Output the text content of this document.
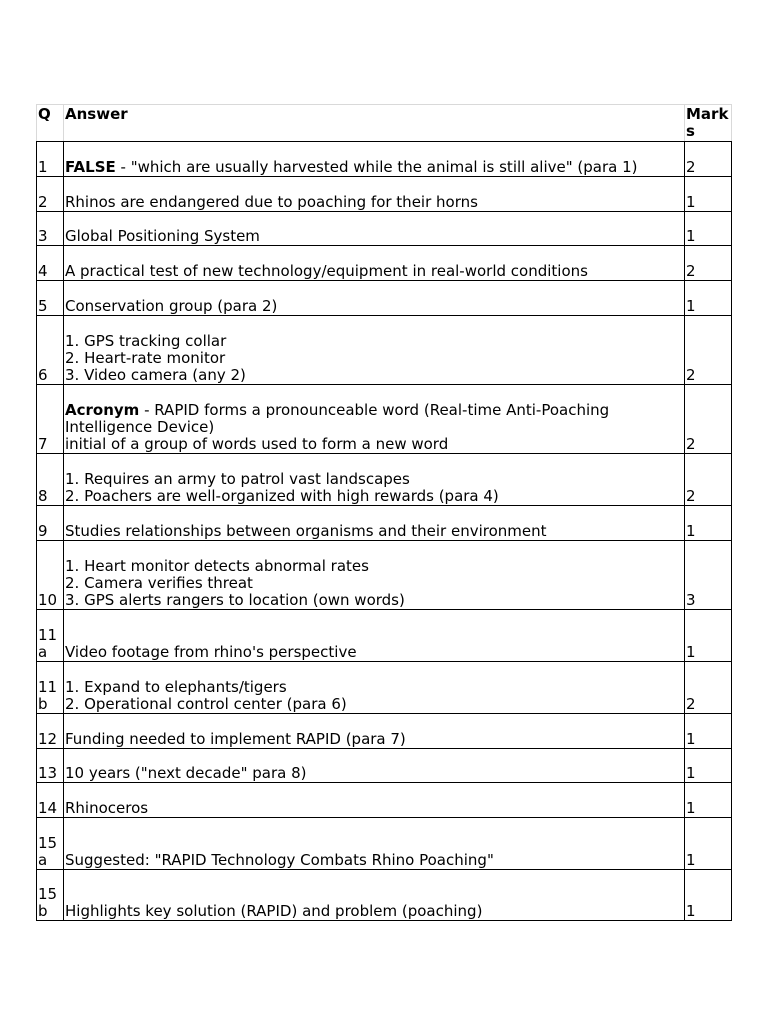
Q	Answer	Marks
1	FALSE - "which are usually harvested while the animal is still alive" (para 1)	2
2	Rhinos are endangered due to poaching for their horns	1
3	Global Positioning System	1
4	A practical test of new technology/equipment in real-world conditions	2
5	Conservation group (para 2)	1
6	1. GPS tracking collar
2. Heart-rate monitor
3. Video camera (any 2)	2
7	Acronym - RAPID forms a pronounceable word (Real-time Anti-Poaching Intelligence Device)
initial of a group of words used to form a new word	2
8	1. Requires an army to patrol vast landscapes
2. Poachers are well-organized with high rewards (para 4)	2
9	Studies relationships between organisms and their environment	1
10	1. Heart monitor detects abnormal rates
2. Camera verifies threat
3. GPS alerts rangers to location (own words)	3
11a	Video footage from rhino's perspective	1
11b	1. Expand to elephants/tigers
2. Operational control center (para 6)	2
12	Funding needed to implement RAPID (para 7)	1
13	10 years ("next decade" para 8)	1
14	Rhinoceros	1
15a	Suggested: "RAPID Technology Combats Rhino Poaching"	1
15b	Highlights key solution (RAPID) and problem (poaching)	1
